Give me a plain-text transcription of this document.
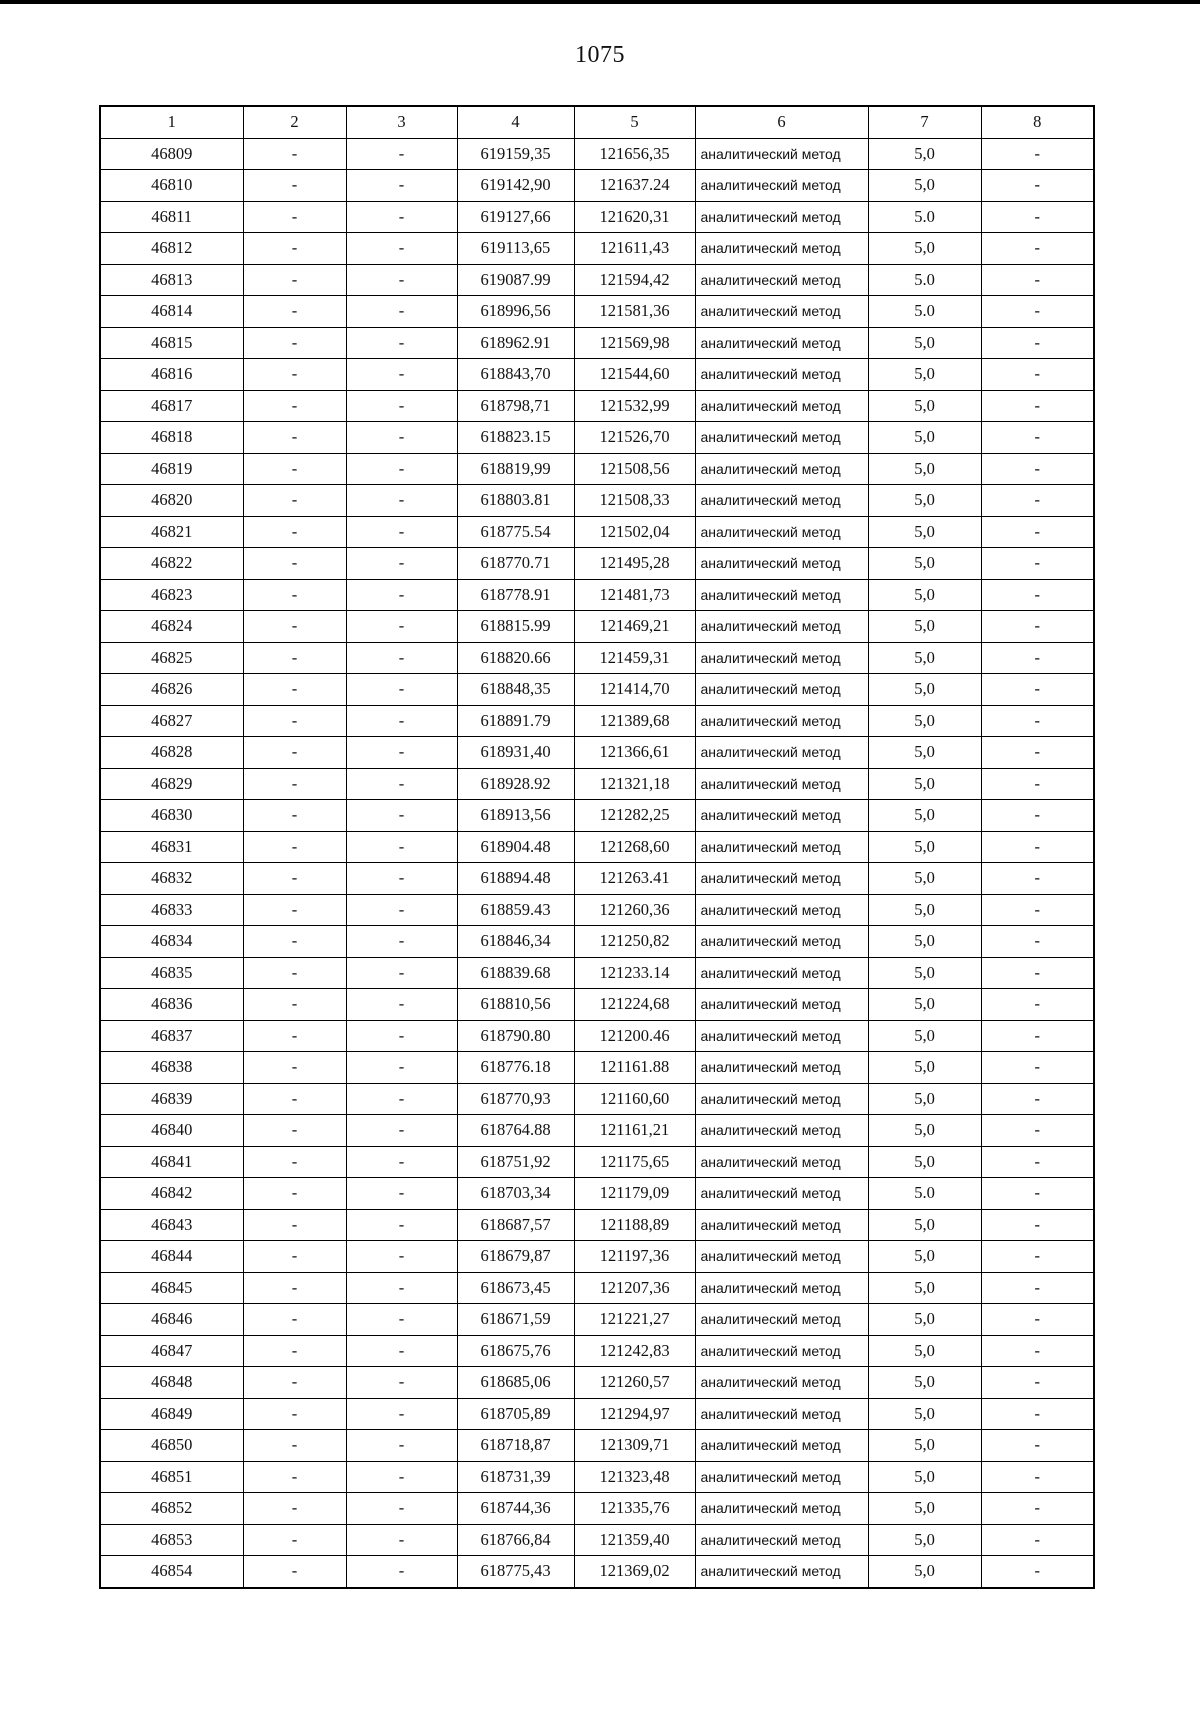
1075
1	2	3	4	5	6	7	8
46809	-	-	619159,35	121656,35	аналитический метод	5,0	-
46810	-	-	619142,90	121637.24	аналитический метод	5,0	-
46811	-	-	619127,66	121620,31	аналитический метод	5.0	-
46812	-	-	619113,65	121611,43	аналитический метод	5,0	-
46813	-	-	619087.99	121594,42	аналитический метод	5.0	-
46814	-	-	618996,56	121581,36	аналитический метод	5.0	-
46815	-	-	618962.91	121569,98	аналитический метод	5,0	-
46816	-	-	618843,70	121544,60	аналитический метод	5,0	-
46817	-	-	618798,71	121532,99	аналитический метод	5,0	-
46818	-	-	618823.15	121526,70	аналитический метод	5,0	-
46819	-	-	618819,99	121508,56	аналитический метод	5,0	-
46820	-	-	618803.81	121508,33	аналитический метод	5,0	-
46821	-	-	618775.54	121502,04	аналитический метод	5,0	-
46822	-	-	618770.71	121495,28	аналитический метод	5,0	-
46823	-	-	618778.91	121481,73	аналитический метод	5,0	-
46824	-	-	618815.99	121469,21	аналитический метод	5,0	-
46825	-	-	618820.66	121459,31	аналитический метод	5,0	-
46826	-	-	618848,35	121414,70	аналитический метод	5,0	-
46827	-	-	618891.79	121389,68	аналитический метод	5,0	-
46828	-	-	618931,40	121366,61	аналитический метод	5,0	-
46829	-	-	618928.92	121321,18	аналитический метод	5,0	-
46830	-	-	618913,56	121282,25	аналитический метод	5,0	-
46831	-	-	618904.48	121268,60	аналитический метод	5,0	-
46832	-	-	618894.48	121263.41	аналитический метод	5,0	-
46833	-	-	618859.43	121260,36	аналитический метод	5,0	-
46834	-	-	618846,34	121250,82	аналитический метод	5,0	-
46835	-	-	618839.68	121233.14	аналитический метод	5,0	-
46836	-	-	618810,56	121224,68	аналитический метод	5,0	-
46837	-	-	618790.80	121200.46	аналитический метод	5,0	-
46838	-	-	618776.18	121161.88	аналитический метод	5,0	-
46839	-	-	618770,93	121160,60	аналитический метод	5,0	-
46840	-	-	618764.88	121161,21	аналитический метод	5,0	-
46841	-	-	618751,92	121175,65	аналитический метод	5,0	-
46842	-	-	618703,34	121179,09	аналитический метод	5.0	-
46843	-	-	618687,57	121188,89	аналитический метод	5,0	-
46844	-	-	618679,87	121197,36	аналитический метод	5,0	-
46845	-	-	618673,45	121207,36	аналитический метод	5,0	-
46846	-	-	618671,59	121221,27	аналитический метод	5,0	-
46847	-	-	618675,76	121242,83	аналитический метод	5,0	-
46848	-	-	618685,06	121260,57	аналитический метод	5,0	-
46849	-	-	618705,89	121294,97	аналитический метод	5,0	-
46850	-	-	618718,87	121309,71	аналитический метод	5,0	-
46851	-	-	618731,39	121323,48	аналитический метод	5,0	-
46852	-	-	618744,36	121335,76	аналитический метод	5,0	-
46853	-	-	618766,84	121359,40	аналитический метод	5,0	-
46854	-	-	618775,43	121369,02	аналитический метод	5,0	-
